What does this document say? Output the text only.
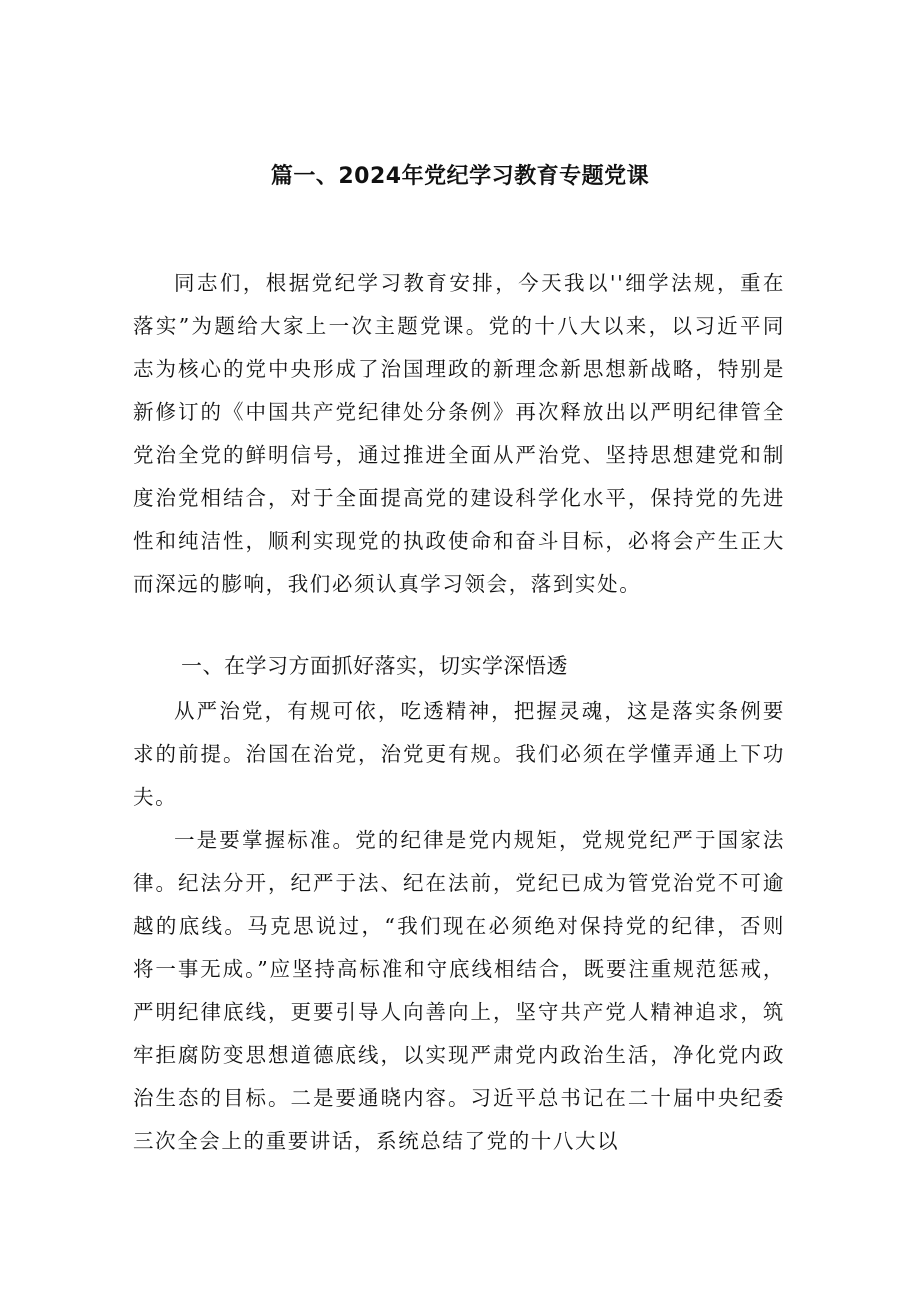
篇一、2024年党纪学习教育专题党课

同志们，根据党纪学习教育安排，今天我以''细学法规，重在落实”为题给大家上一次主题党课。党的十八大以来，以习近平同志为核心的党中央形成了治国理政的新理念新思想新战略，特别是新修订的《中国共产党纪律处分条例》再次释放出以严明纪律管全党治全党的鲜明信号，通过推进全面从严治党、坚持思想建党和制度治党相结合，对于全面提高党的建设科学化水平，保持党的先进性和纯洁性，顺利实现党的执政使命和奋斗目标，必将会产生正大而深远的膨响，我们必须认真学习领会，落到实处。

一、在学习方面抓好落实，切实学深悟透

从严治党，有规可依，吃透精神，把握灵魂，这是落实条例要求的前提。治国在治党，治党更有规。我们必须在学懂弄通上下功夫。

一是要掌握标准。党的纪律是党内规矩，党规党纪严于国家法律。纪法分开，纪严于法、纪在法前，党纪已成为管党治党不可逾越的底线。马克思说过，“我们现在必须绝对保持党的纪律，否则将一事无成。”应坚持高标准和守底线相结合，既要注重规范惩戒，严明纪律底线，更要引导人向善向上，坚守共产党人精神追求，筑牢拒腐防变思想道德底线，以实现严肃党内政治生活，净化党内政治生态的目标。二是要通晓内容。习近平总书记在二十届中央纪委三次全会上的重要讲话，系统总结了党的十八大以
